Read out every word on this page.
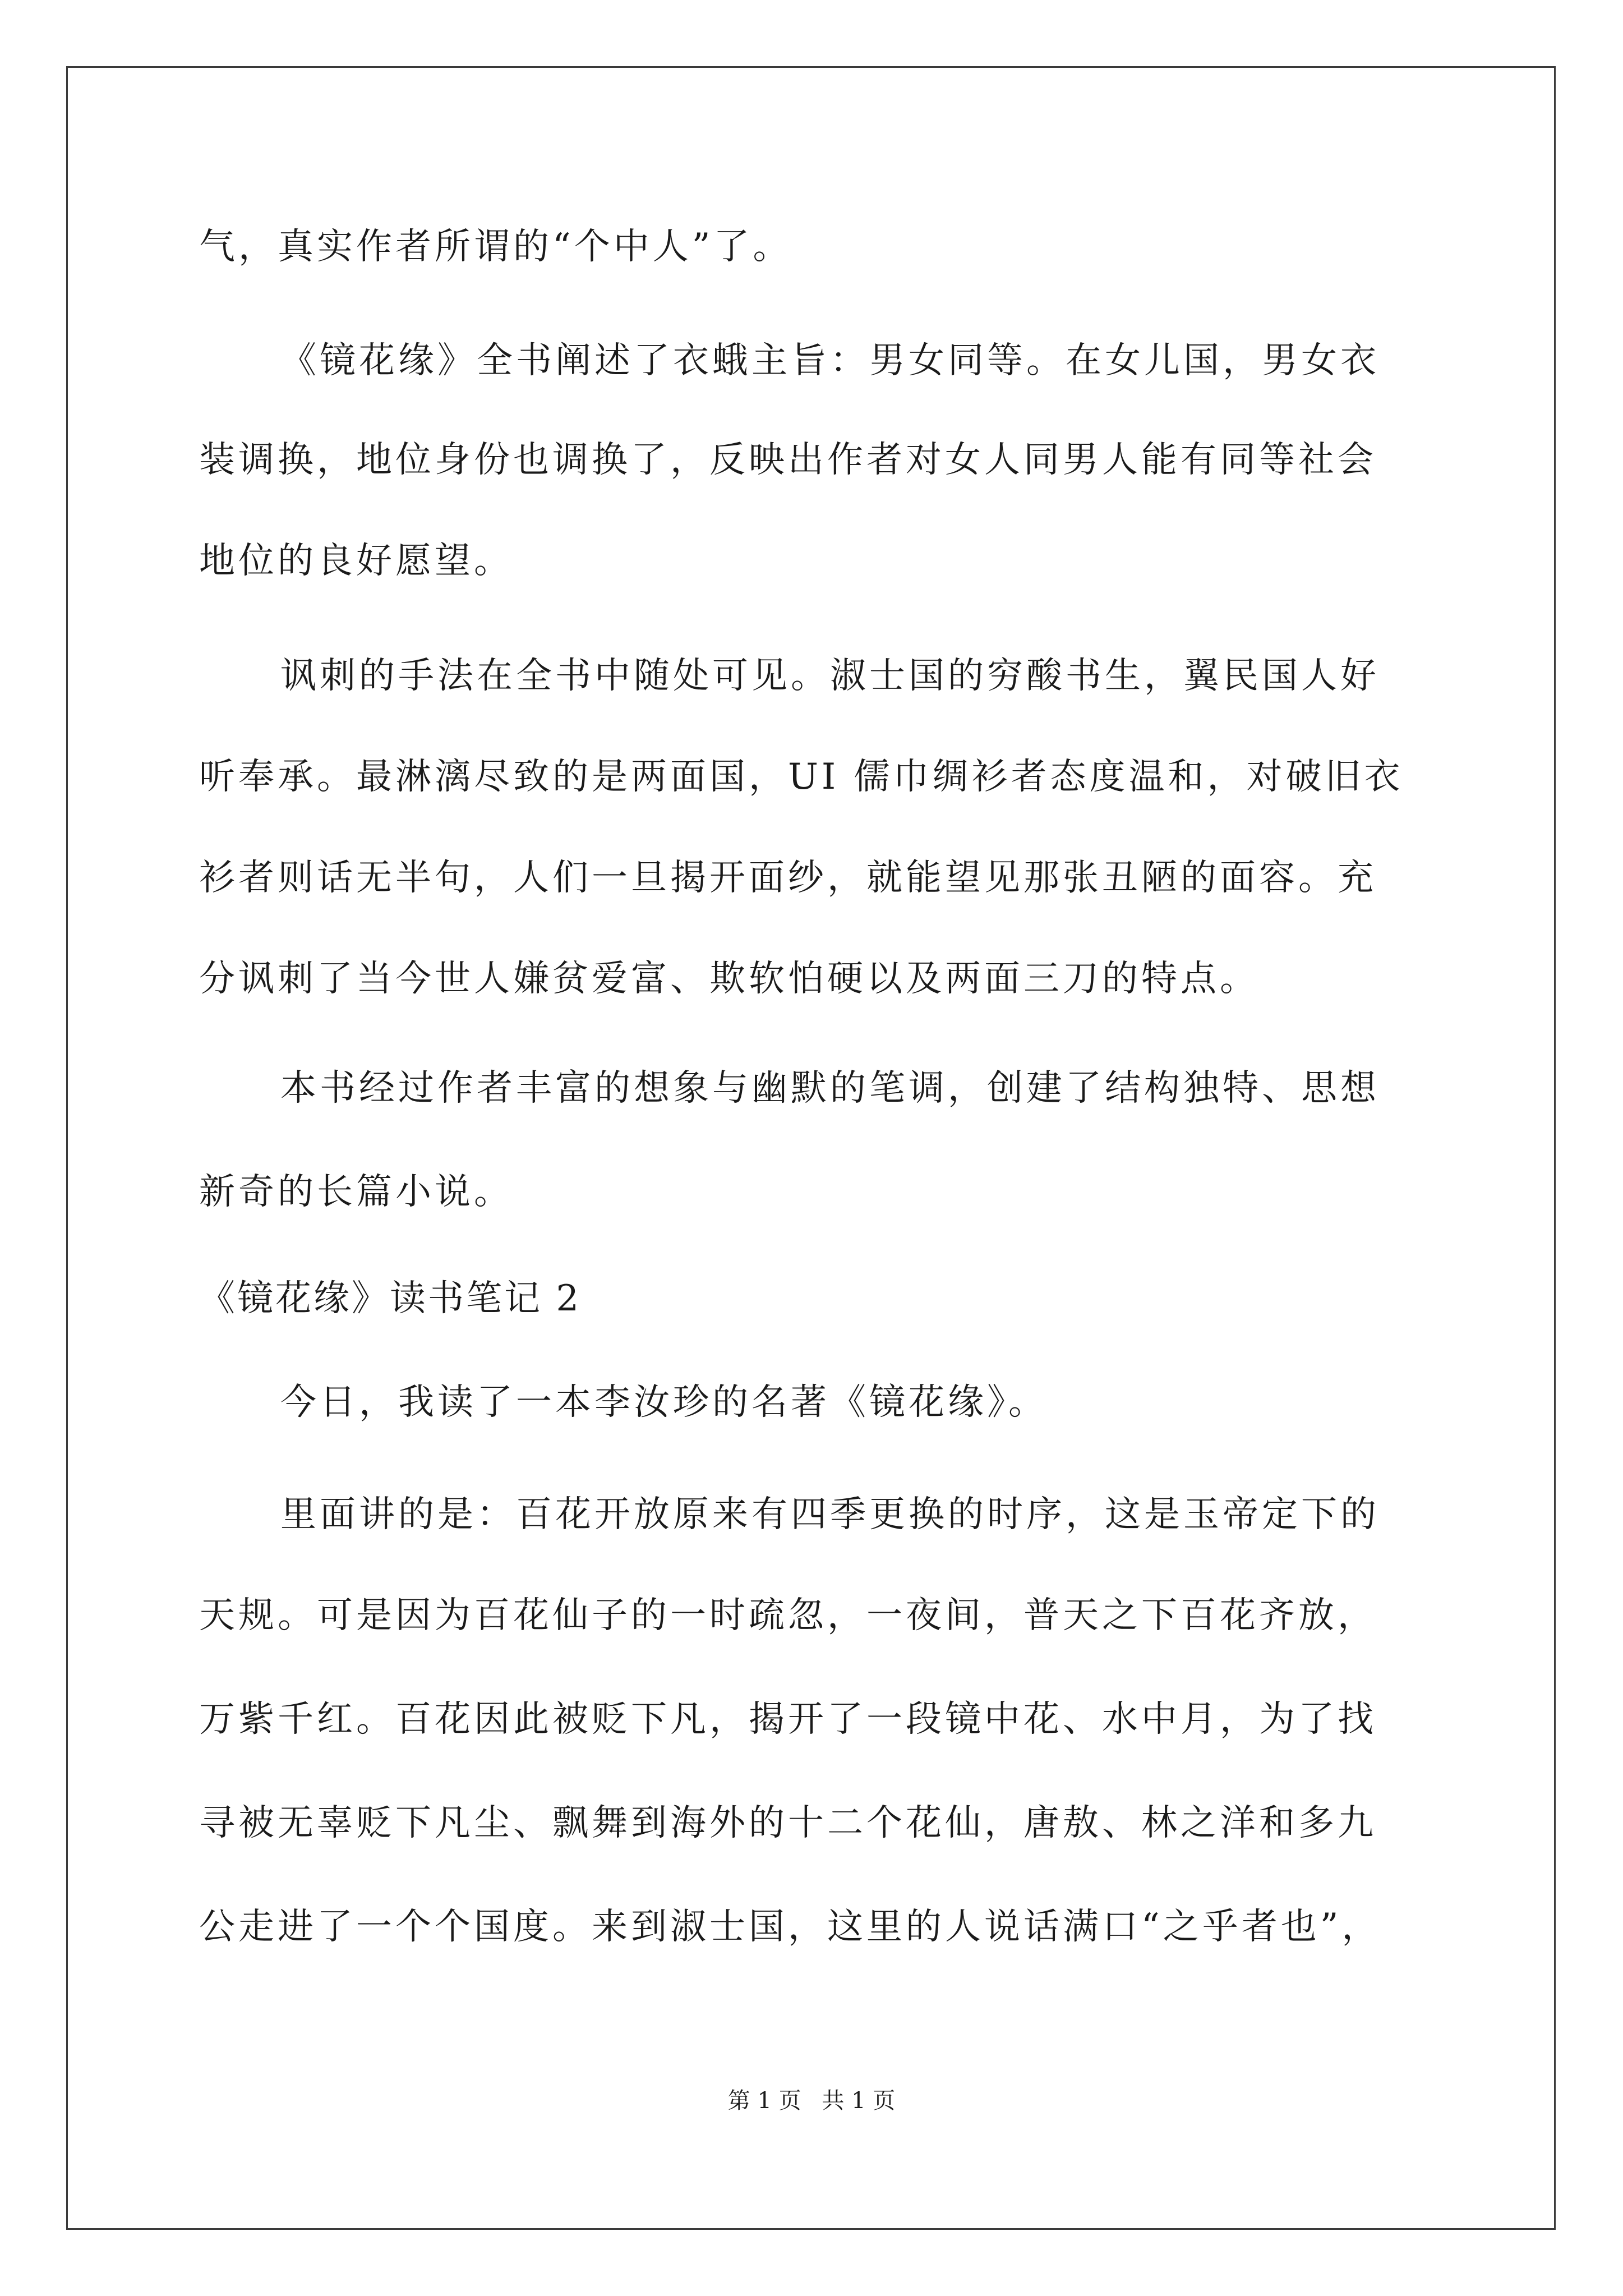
气，真实作者所谓的“个中人”了。
《镜花缘》全书阐述了衣蛾主旨：男女同等。在女儿国，男女衣
装调换，地位身份也调换了，反映出作者对女人同男人能有同等社会
地位的良好愿望。
讽刺的手法在全书中随处可见。淑士国的穷酸书生，翼民国人好
听奉承。最淋漓尽致的是两面国，UI 儒巾绸衫者态度温和，对破旧衣
衫者则话无半句，人们一旦揭开面纱，就能望见那张丑陋的面容。充
分讽刺了当今世人嫌贫爱富、欺软怕硬以及两面三刀的特点。
本书经过作者丰富的想象与幽默的笔调，创建了结构独特、思想
新奇的长篇小说。
《镜花缘》读书笔记 2
今日，我读了一本李汝珍的名著《镜花缘》。
里面讲的是：百花开放原来有四季更换的时序，这是玉帝定下的
天规。可是因为百花仙子的一时疏忽，一夜间，普天之下百花齐放，
万紫千红。百花因此被贬下凡，揭开了一段镜中花、水中月，为了找
寻被无辜贬下凡尘、飘舞到海外的十二个花仙，唐敖、林之洋和多九
公走进了一个个国度。来到淑士国，这里的人说话满口“之乎者也”，
第 1 页 共 1 页
